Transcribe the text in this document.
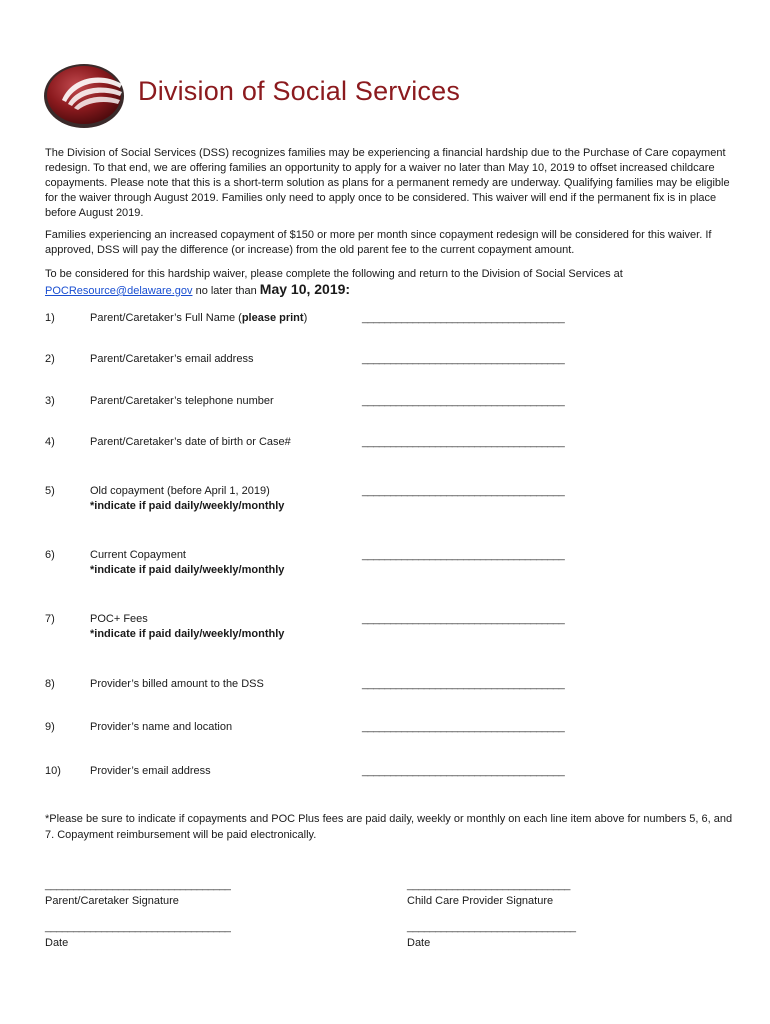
Division of Social Services

The Division of Social Services (DSS) recognizes families may be experiencing a financial hardship due to the Purchase of Care copayment redesign. To that end, we are offering families an opportunity to apply for a waiver no later than May 10, 2019 to offset increased childcare copayments. Please note that this is a short-term solution as plans for a permanent remedy are underway. Qualifying families may be eligible for the waiver through August 2019. Families only need to apply once to be considered. This waiver will end if the permanent fix is in place before August 2019.

Families experiencing an increased copayment of $150 or more per month since copayment redesign will be considered for this waiver. If approved, DSS will pay the difference (or increase) from the old parent fee to the current copayment amount.

To be considered for this hardship waiver, please complete the following and return to the Division of Social Services at
POCResource@delaware.gov no later than May 10, 2019:

1)	Parent/Caretaker’s Full Name (please print)	____________________________________
2)	Parent/Caretaker’s email address	____________________________________
3)	Parent/Caretaker’s telephone number	____________________________________
4)	Parent/Caretaker’s date of birth or Case#	____________________________________
5)	Old copayment (before April 1, 2019)
*indicate if paid daily/weekly/monthly
____________________________________
6)	Current Copayment
*indicate if paid daily/weekly/monthly
____________________________________
7)	POC+ Fees
*indicate if paid daily/weekly/monthly
____________________________________
8)	Provider’s billed amount to the DSS	____________________________________
9)	Provider’s name and location	____________________________________
10)	Provider’s email address	____________________________________

*Please be sure to indicate if copayments and POC Plus fees are paid daily, weekly or monthly on each line item above for numbers 5, 6, and 7. Copayment reimbursement will be paid electronically.

_________________________________
Parent/Caretaker Signature
_____________________________
Child Care Provider Signature
_________________________________
Date
______________________________
Date
